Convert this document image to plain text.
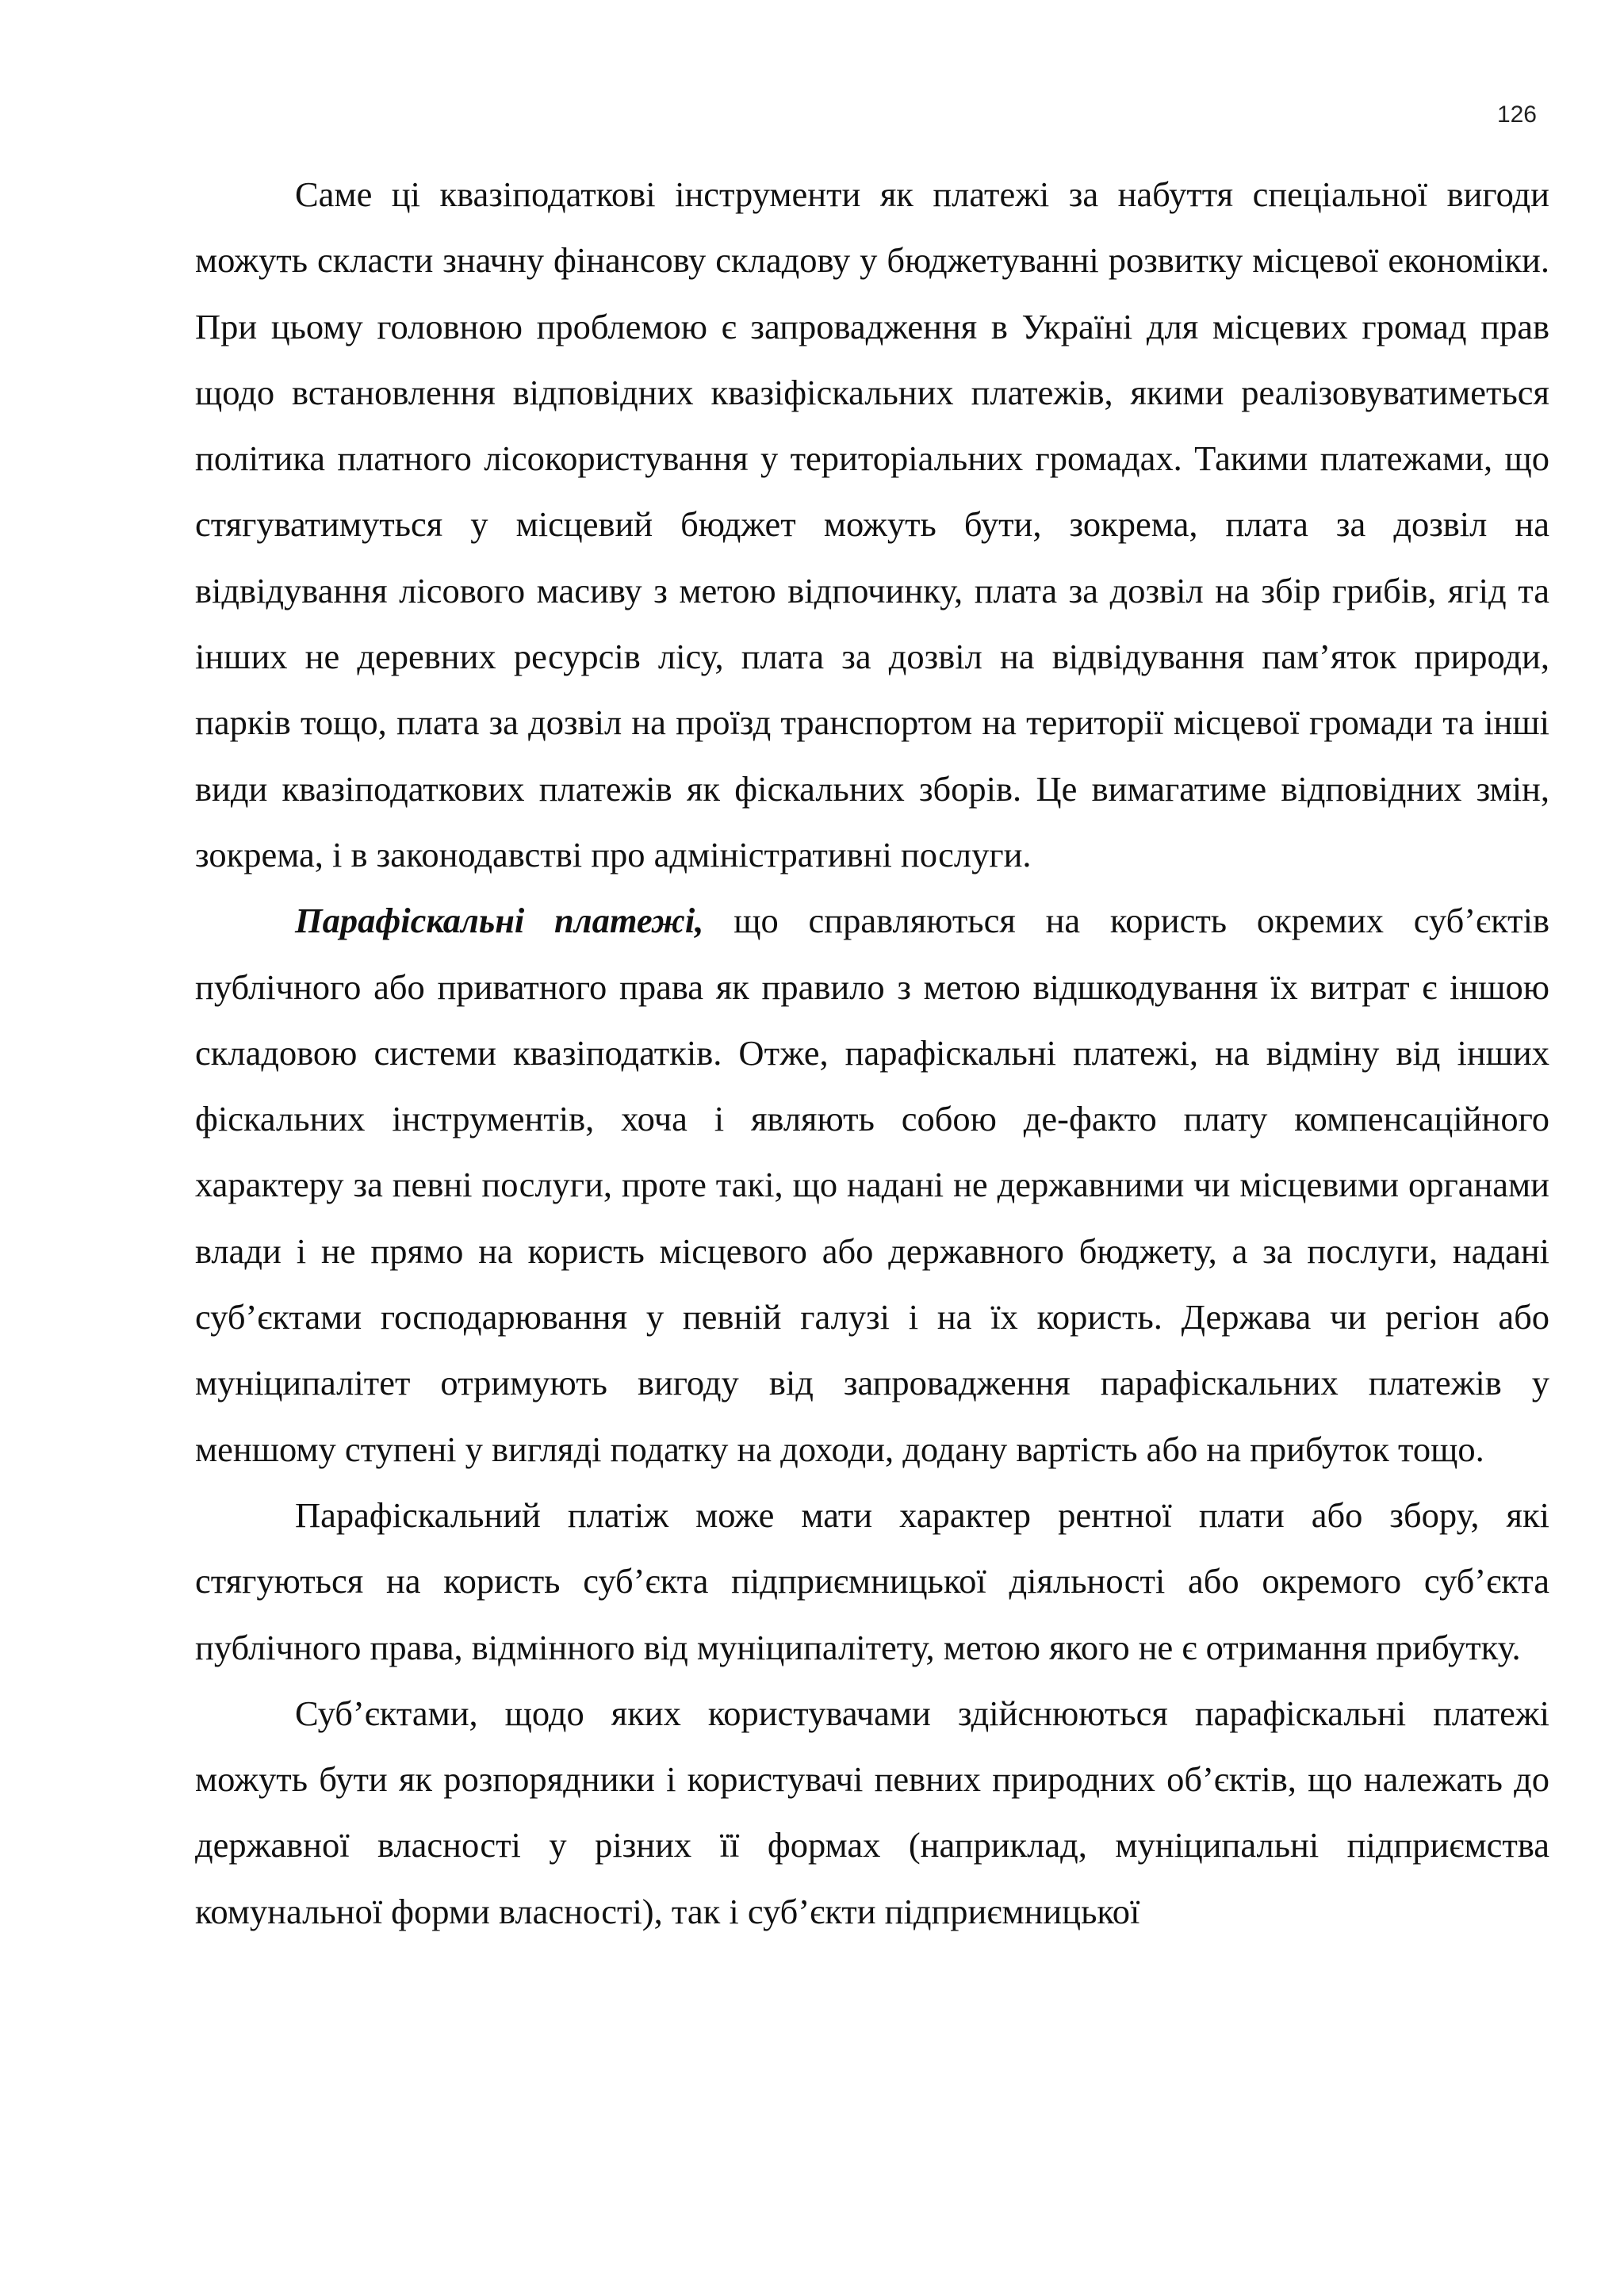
126

Саме ці квазіподаткові інструменти як платежі за набуття спеціальної вигоди можуть скласти значну фінансову складову у бюджетуванні розвитку місцевої економіки. При цьому головною проблемою є запровадження в Україні для місцевих громад прав щодо встановлення відповідних квазіфіскальних платежів, якими реалізовуватиметься політика платного лісокористування у територіальних громадах. Такими платежами, що стягуватимуться у місцевий бюджет можуть бути, зокрема, плата за дозвіл на відвідування лісового масиву з метою відпочинку, плата за дозвіл на збір грибів, ягід та інших не деревних ресурсів лісу, плата за дозвіл на відвідування пам’яток природи, парків тощо, плата за дозвіл на проїзд транспортом на території місцевої громади та інші види квазіподаткових платежів як фіскальних зборів. Це вимагатиме відповідних змін, зокрема, і в законодавстві про адміністративні послуги.

Парафіскальні платежі, що справляються на користь окремих суб’єктів публічного або приватного права як правило з метою відшкодування їх витрат є іншою складовою системи квазіподатків. Отже, парафіскальні платежі, на відміну від інших фіскальних інструментів, хоча і являють собою де-факто плату компенсаційного характеру за певні послуги, проте такі, що надані не державними чи місцевими органами влади і не прямо на користь місцевого або державного бюджету, а за послуги, надані суб’єктами господарювання у певній галузі і на їх користь. Держава чи регіон або муніципалітет отримують вигоду від запровадження парафіскальних платежів у меншому ступені у вигляді податку на доходи, додану вартість або на прибуток тощо.

Парафіскальний платіж може мати характер рентної плати або збору, які стягуються на користь суб’єкта підприємницької діяльності або окремого суб’єкта публічного права, відмінного від муніципалітету, метою якого не є отримання прибутку.

Суб’єктами, щодо яких користувачами здійснюються парафіскальні платежі можуть бути як розпорядники і користувачі певних природних об’єктів, що належать до державної власності у різних її формах (наприклад, муніципальні підприємства комунальної форми власності), так і суб’єкти підприємницької
